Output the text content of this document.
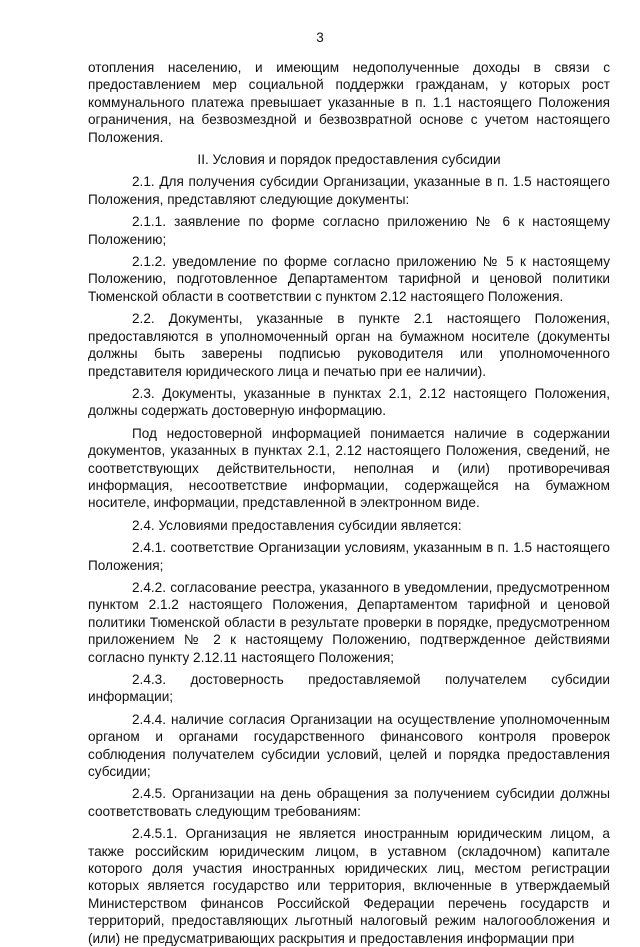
3

отопления населению, и имеющим недополученные доходы в связи с предоставлением мер социальной поддержки гражданам, у которых рост коммунального платежа превышает указанные в п. 1.1 настоящего Положения ограничения, на безвозмездной и безвозвратной основе с учетом настоящего Положения.

II. Условия и порядок предоставления субсидии

2.1. Для получения субсидии Организации, указанные в п. 1.5 настоящего Положения, представляют следующие документы:

2.1.1. заявление по форме согласно приложению № 6 к настоящему Положению;

2.1.2. уведомление по форме согласно приложению № 5 к настоящему Положению, подготовленное Департаментом тарифной и ценовой политики Тюменской области в соответствии с пунктом 2.12 настоящего Положения.

2.2. Документы, указанные в пункте 2.1 настоящего Положения, предоставляются в уполномоченный орган на бумажном носителе (документы должны быть заверены подписью руководителя или уполномоченного представителя юридического лица и печатью при ее наличии).

2.3. Документы, указанные в пунктах 2.1, 2.12 настоящего Положения, должны содержать достоверную информацию.

Под недостоверной информацией понимается наличие в содержании документов, указанных в пунктах 2.1, 2.12 настоящего Положения, сведений, не соответствующих действительности, неполная и (или) противоречивая информация, несоответствие информации, содержащейся на бумажном носителе, информации, представленной в электронном виде.

2.4. Условиями предоставления субсидии является:

2.4.1. соответствие Организации условиям, указанным в п. 1.5 настоящего Положения;

2.4.2. согласование реестра, указанного в уведомлении, предусмотренном пунктом 2.1.2 настоящего Положения, Департаментом тарифной и ценовой политики Тюменской области в результате проверки в порядке, предусмотренном приложением № 2 к настоящему Положению, подтвержденное действиями согласно пункту 2.12.11 настоящего Положения;

2.4.3. достоверность предоставляемой получателем субсидии информации;

2.4.4. наличие согласия Организации на осуществление уполномоченным органом и органами государственного финансового контроля проверок соблюдения получателем субсидии условий, целей и порядка предоставления субсидии;

2.4.5. Организации на день обращения за получением субсидии должны соответствовать следующим требованиям:

2.4.5.1. Организация не является иностранным юридическим лицом, а также российским юридическим лицом, в уставном (складочном) капитале которого доля участия иностранных юридических лиц, местом регистрации которых является государство или территория, включенные в утверждаемый Министерством финансов Российской Федерации перечень государств и территорий, предоставляющих льготный налоговый режим налогообложения и (или) не предусматривающих раскрытия и предоставления информации при
